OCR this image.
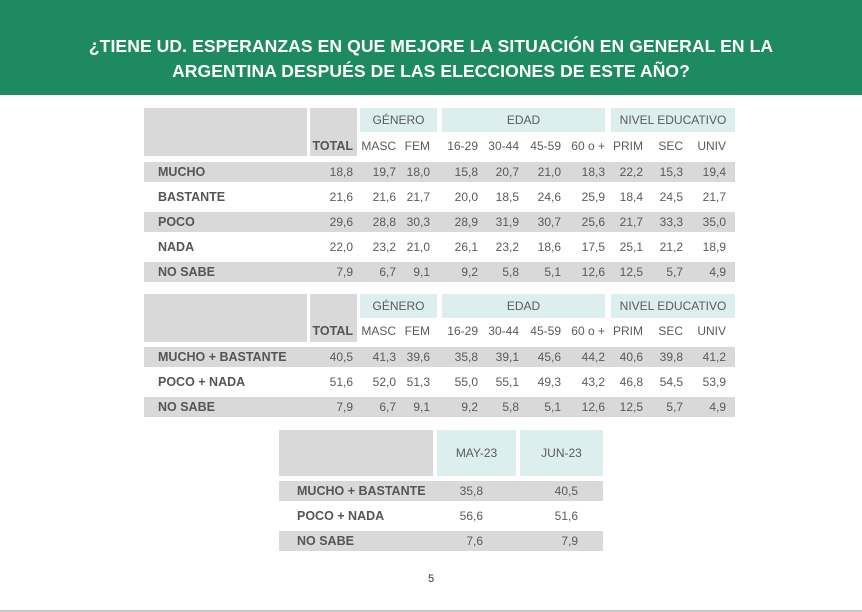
¿TIENE UD. ESPERANZAS EN QUE MEJORE LA SITUACIÓN EN GENERAL EN LA
ARGENTINA DESPUÉS DE LAS ELECCIONES DE ESTE AÑO?
GÉNERO	EDAD	NIVEL EDUCATIVO
TOTAL MASC FEM	16-29 30-44 45-59 60 o + PRIM	SEC	UNIV
MUCHO	18,8	19,7 18,0	15,8	20,7	21,0	18,3	22,2	15,3	19,4
BASTANTE	21,6	21,6 21,7	20,0	18,5	24,6	25,9	18,4	24,5	21,7
POCO	29,6	28,8 30,3	28,9	31,9	30,7	25,6	21,7	33,3	35,0
NADA	22,0	23,2 21,0	26,1	23,2	18,6	17,5	25,1	21,2	18,9
NO SABE	7,9	6,7	9,1	9,2	5,8	5,1	12,6	12,5	5,7	4,9
GÉNERO	EDAD	NIVEL EDUCATIVO
TOTAL MASC FEM	16-29 30-44 45-59 60 o + PRIM	SEC	UNIV
MUCHO + BASTANTE	40,5	41,3 39,6	35,8	39,1	45,6	44,2	40,6	39,8	41,2
POCO + NADA	51,6	52,0 51,3	55,0	55,1	49,3	43,2	46,8	54,5	53,9
NO SABE	7,9	6,7	9,1	9,2	5,8	5,1	12,6	12,5	5,7	4,9
MAY-23	JUN-23
MUCHO + BASTANTE	35,8	40,5
POCO + NADA	56,6	51,6
NO SABE	7,6	7,9
5
